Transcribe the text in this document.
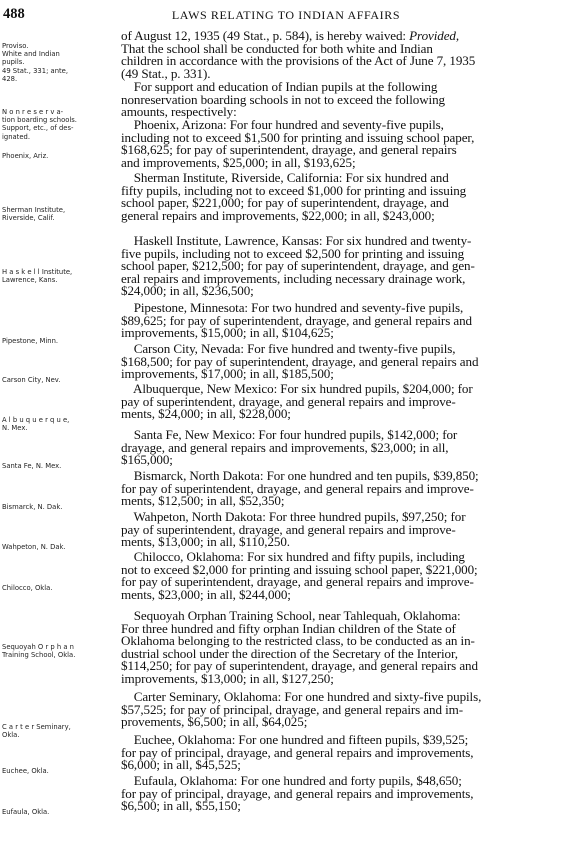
488	LAWS RELATING TO INDIAN AFFAIRS
Proviso.
White and Indian
pupils.
49 Stat., 331; ante,
428.
N o n r e s e r v a-
tion boarding schools.
Support, etc., of des-
ignated.
Phoenix, Ariz.
Sherman Institute,
Riverside, Calif.
H a s k e l l Institute,
Lawrence, Kans.
Pipestone, Minn.
Carson City, Nev.
A l b u q u e r q u e,
N. Mex.
Santa Fe, N. Mex.
Bismarck, N. Dak.
Wahpeton, N. Dak.
Chilocco, Okla.
Sequoyah O r p h a n
Training School, Okla.
C a r t e r Seminary,
Okla.
Euchee, Okla.
Eufaula, Okla.

of August 12, 1935 (49 Stat., p. 584), is hereby waived: Provided,
That the school shall be conducted for both white and Indian
children in accordance with the provisions of the Act of June 7, 1935
(49 Stat., p. 331).

For support and education of Indian pupils at the following
nonreservation boarding schools in not to exceed the following
amounts, respectively:

Phoenix, Arizona: For four hundred and seventy-five pupils,
including not to exceed $1,500 for printing and issuing school paper,
$168,625; for pay of superintendent, drayage, and general repairs
and improvements, $25,000; in all, $193,625;

Sherman Institute, Riverside, California: For six hundred and
fifty pupils, including not to exceed $1,000 for printing and issuing
school paper, $221,000; for pay of superintendent, drayage, and
general repairs and improvements, $22,000; in all, $243,000;

Haskell Institute, Lawrence, Kansas: For six hundred and twenty-
five pupils, including not to exceed $2,500 for printing and issuing
school paper, $212,500; for pay of superintendent, drayage, and gen-
eral repairs and improvements, including necessary drainage work,
$24,000; in all, $236,500;

Pipestone, Minnesota: For two hundred and seventy-five pupils,
$89,625; for pay of superintendent, drayage, and general repairs and
improvements, $15,000; in all, $104,625;

Carson City, Nevada: For five hundred and twenty-five pupils,
$168,500; for pay of superintendent, drayage, and general repairs and
improvements, $17,000; in all, $185,500;

Albuquerque, New Mexico: For six hundred pupils, $204,000; for
pay of superintendent, drayage, and general repairs and improve-
ments, $24,000; in all, $228,000;

Santa Fe, New Mexico: For four hundred pupils, $142,000; for
drayage, and general repairs and improvements, $23,000; in all,
$165,000;

Bismarck, North Dakota: For one hundred and ten pupils, $39,850;
for pay of superintendent, drayage, and general repairs and improve-
ments, $12,500; in all, $52,350;

Wahpeton, North Dakota: For three hundred pupils, $97,250; for
pay of superintendent, drayage, and general repairs and improve-
ments, $13,000; in all, $110,250.

Chilocco, Oklahoma: For six hundred and fifty pupils, including
not to exceed $2,000 for printing and issuing school paper, $221,000;
for pay of superintendent, drayage, and general repairs and improve-
ments, $23,000; in all, $244,000;

Sequoyah Orphan Training School, near Tahlequah, Oklahoma:
For three hundred and fifty orphan Indian children of the State of
Oklahoma belonging to the restricted class, to be conducted as an in-
dustrial school under the direction of the Secretary of the Interior,
$114,250; for pay of superintendent, drayage, and general repairs and
improvements, $13,000; in all, $127,250;

Carter Seminary, Oklahoma: For one hundred and sixty-five pupils,
$57,525; for pay of principal, drayage, and general repairs and im-
provements, $6,500; in all, $64,025;

Euchee, Oklahoma: For one hundred and fifteen pupils, $39,525;
for pay of principal, drayage, and general repairs and improvements,
$6,000; in all, $45,525;

Eufaula, Oklahoma: For one hundred and forty pupils, $48,650;
for pay of principal, drayage, and general repairs and improvements,
$6,500; in all, $55,150;
